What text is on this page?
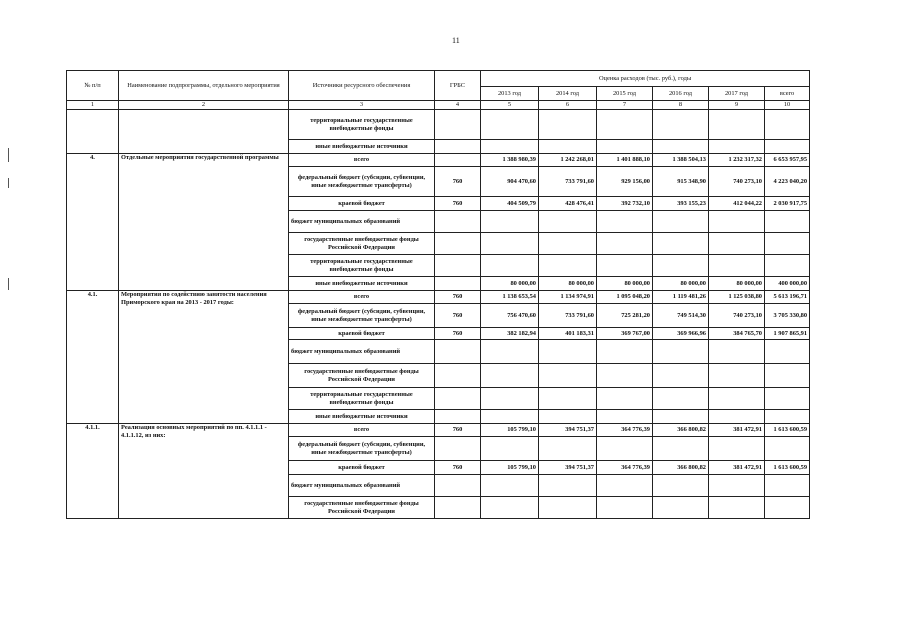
11
№ п/п	Наименование подпрограммы, отдельного мероприятия	Источники ресурсного обеспечения	ГРБС	Оценка расходов (тыс. руб.), годы					
				2013 год	2014 год	2015 год	2016 год	2017 год	всего
1	2	3	4	5	6	7	8	9	10
		территориальные государственные внебюджетные фонды							
		иные внебюджетные источники							
4.	Отдельные мероприятия государственной программы	всего		1 388 980,39	1 242 268,01	1 401 888,10	1 388 504,13	1 232 317,32	6 653 957,95
		федеральный бюджет (субсидии, субвенции, иные межбюджетные трансферты)	760	904 470,60	733 791,60	929 156,00	915 348,90	740 273,10	4 223 040,20
		краевой бюджет	760	404 509,79	428 476,41	392 732,10	393 155,23	412 044,22	2 030 917,75
		бюджет муниципальных образований							
		государственные внебюджетные фонды Российской Федерации							
		территориальные государственные внебюджетные фонды							
		иные внебюджетные источники		80 000,00	80 000,00	80 000,00	80 000,00	80 000,00	400 000,00
4.1.	Мероприятия по содействию занятости населения Приморского края на 2013 - 2017 годы:	всего	760	1 138 653,54	1 134 974,91	1 095 048,20	1 119 481,26	1 125 038,80	5 613 196,71
		федеральный бюджет (субсидии, субвенции, иные межбюджетные трансферты)	760	756 470,60	733 791,60	725 281,20	749 514,30	740 273,10	3 705 330,80
		краевой бюджет	760	382 182,94	401 183,31	369 767,00	369 966,96	384 765,70	1 907 865,91
		бюджет муниципальных образований							
		государственные внебюджетные фонды Российской Федерации							
		территориальные государственные внебюджетные фонды							
		иные внебюджетные источники							
4.1.1.	Реализация основных мероприятий по пп. 4.1.1.1 - 4.1.1.12, из них:	всего	760	105 799,10	394 751,37	364 776,39	366 800,82	381 472,91	1 613 600,59
		федеральный бюджет (субсидии, субвенции, иные межбюджетные трансферты)							
		краевой бюджет	760	105 799,10	394 751,37	364 776,39	366 800,82	381 472,91	1 613 600,59
		бюджет муниципальных образований							
		государственные внебюджетные фонды Российской Федерации							
